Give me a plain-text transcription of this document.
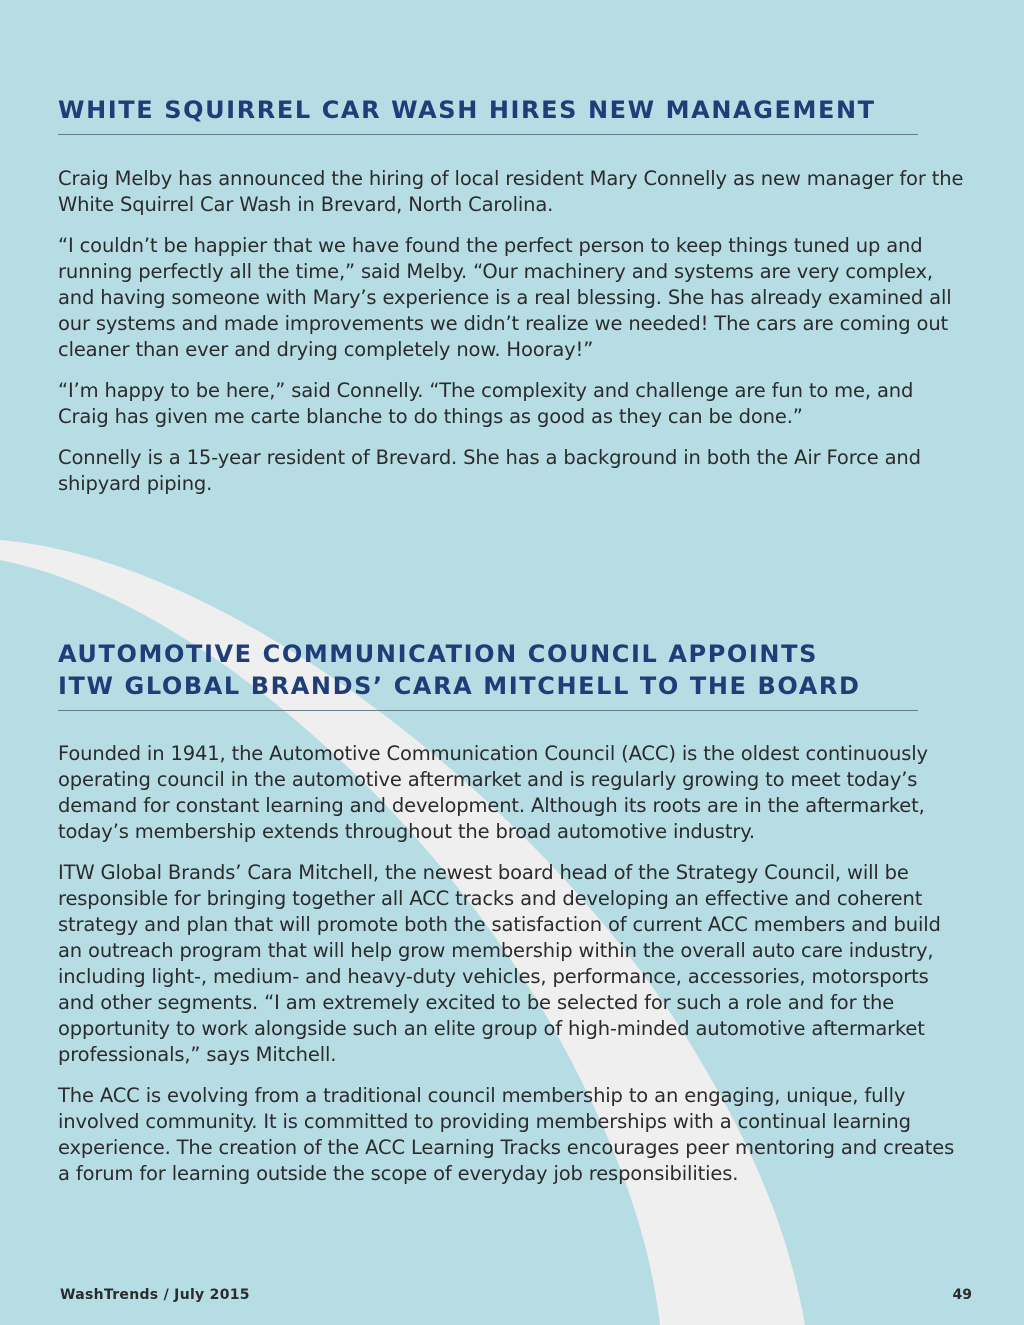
WHITE SQUIRREL CAR WASH HIRES NEW MANAGEMENT

Craig Melby has announced the hiring of local resident Mary Connelly as new manager for the White Squirrel Car Wash in Brevard, North Carolina.

“I couldn’t be happier that we have found the perfect person to keep things tuned up and running perfectly all the time,” said Melby. “Our machinery and systems are very complex, and having someone with Mary’s experience is a real blessing. She has already examined all our systems and made improvements we didn’t realize we needed! The cars are coming out cleaner than ever and drying completely now. Hooray!”

“I’m happy to be here,” said Connelly. “The complexity and challenge are fun to me, and Craig has given me carte blanche to do things as good as they can be done.”

Connelly is a 15-year resident of Brevard. She has a background in both the Air Force and shipyard piping.

AUTOMOTIVE COMMUNICATION COUNCIL APPOINTS
ITW GLOBAL BRANDS’ CARA MITCHELL TO THE BOARD

Founded in 1941, the Automotive Communication Council (ACC) is the oldest continuously operating council in the automotive aftermarket and is regularly growing to meet today’s demand for constant learning and development. Although its roots are in the aftermarket, today’s membership extends throughout the broad automotive industry.

ITW Global Brands’ Cara Mitchell, the newest board head of the Strategy Council, will be responsible for bringing together all ACC tracks and developing an effective and coherent strategy and plan that will promote both the satisfaction of current ACC members and build an outreach program that will help grow membership within the overall auto care industry, including light-, medium- and heavy-duty vehicles, performance, accessories, motorsports and other segments. “I am extremely excited to be selected for such a role and for the opportunity to work alongside such an elite group of high-minded automotive aftermarket professionals,” says Mitchell.

The ACC is evolving from a traditional council membership to an engaging, unique, fully involved community. It is committed to providing memberships with a continual learning experience. The creation of the ACC Learning Tracks encourages peer mentoring and creates a forum for learning outside the scope of everyday job responsibilities.

WashTrends / July 2015	49
